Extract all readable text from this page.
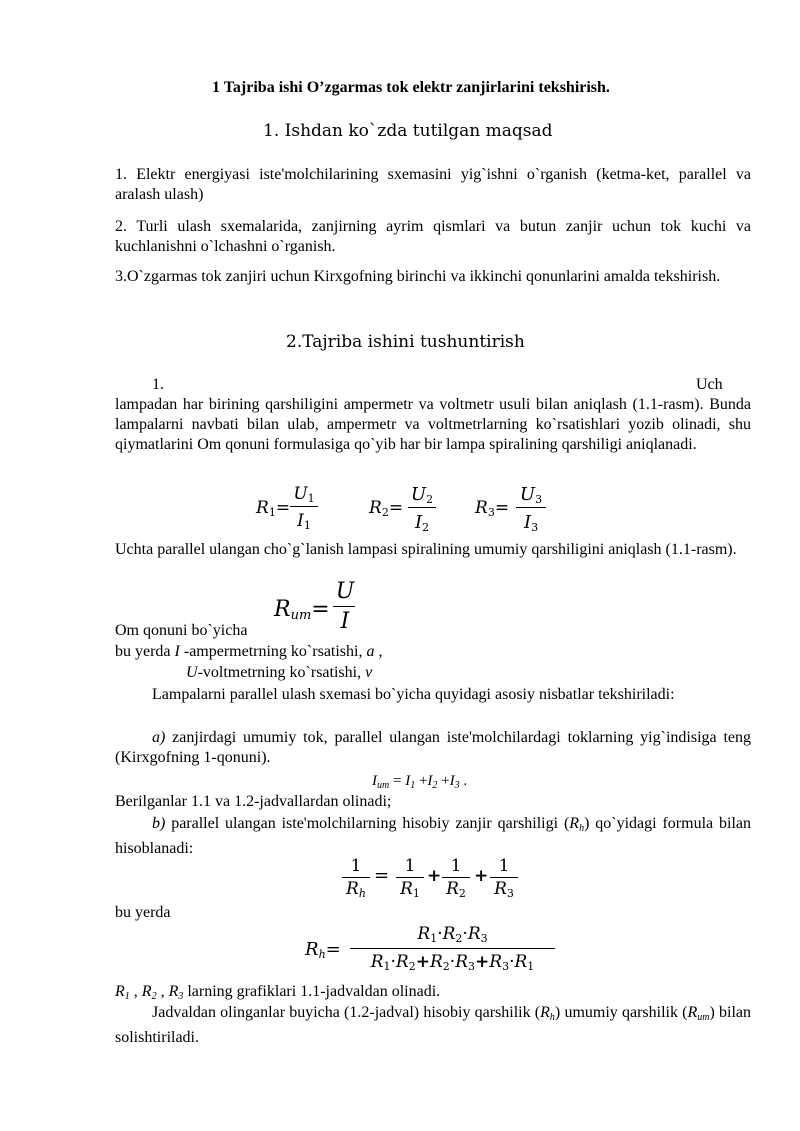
1 Tajriba ishi O’zgarmas tok elektr zanjirlarini tekshirish.
1. Ishdan ko`zda tutilgan maqsad
1. Elektr energiyasi iste'molchilarining sxemasini yig`ishni o`rganish (ketma-ket, parallel va aralash ulash)
2. Turli ulash sxemalarida, zanjirning ayrim qismlari va butun zanjir uchun tok kuchi va kuchlanishni o`lchashni o`rganish.
3.O`zgarmas tok zanjiri uchun Kirxgofning birinchi va ikkinchi qonunlarini amalda tekshirish.
2.Tajriba ishini tushuntirish
1.	Uch
lampadan har birining qarshiligini ampermetr va voltmetr usuli bilan aniqlash (1.1-rasm). Bunda lampalarni navbati bilan ulab, ampermetr va voltmetrlarning ko`rsatishlari yozib olinadi, shu qiymatlarini Om qonuni formulasiga qo`yib har bir lampa spiralining qarshiligi aniqlanadi.
$R_1=$
$U_1$
$I_1$
$R_2=$
$U_2$
$I_2$
$R_3=$
$U_3$
$I_3$
Uchta parallel ulangan cho`g`lanish lampasi spiralining umumiy qarshiligini aniqlash (1.1-rasm).
$R_{um}=$
U
I
Om qonuni bo`yicha
bu yerda I -ampermetrning ko`rsatishi, a ,
U-voltmetrning ko`rsatishi, v
Lampalarni parallel ulash sxemasi bo`yicha quyidagi asosiy nisbatlar tekshiriladi:
a) zanjirdagi umumiy tok, parallel ulangan iste'molchilardagi toklarning yig`indisiga teng (Kirxgofning 1-qonuni).
$I_{um} = I_1 +I_2 +I_3$ .
Berilganlar 1.1 va 1.2-jadvallardan olinadi;
b) parallel ulangan iste'molchilarning hisobiy zanjir qarshiligi $(R_h)$ qo`yidagi formula bilan hisoblanadi:
1
$R_h$
= 1
$R_1$
+ 1
$R_2$
+ 1
$R_3$
bu yerda
$R_h=$
$R_1\cdot R_2\cdot R_3$
$R_1\cdot R_2+R_2\cdot R_3+R_3\cdot R_1$
$R_1$ , $R_2$ , $R_3$ larning grafiklari 1.1-jadvaldan olinadi.
Jadvaldan olinganlar buyicha (1.2-jadval) hisobiy qarshilik $(R_h)$ umumiy qarshilik $(R_{um})$ bilan solishtiriladi.
